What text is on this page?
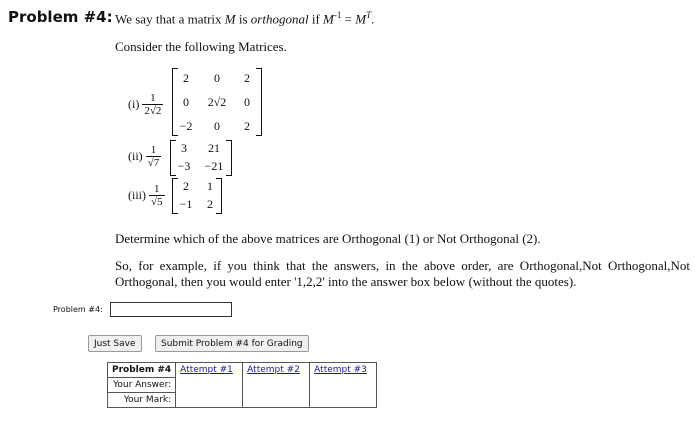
Problem #4: We say that a matrix M is orthogonal if $M^{-1} = M^T$.
Consider the following Matrices.
$(i) \frac{1}{2√2}$
2	0	2
0	2√2	0
−2	0	2
$(ii) \frac{1}{√7}$	3	21
−3	−21
$(iii) \frac{1}{√5}$	2	1
−1	2
Determine which of the above matrices are Orthogonal (1) or Not Orthogonal (2).
So, for example, if you think that the answers, in the above order, are Orthogonal,Not Orthogonal,Not Orthogonal, then you would enter '1,2,2' into the answer box below (without the quotes).
Problem #4:
Just Save	Submit Problem #4 for Grading
Problem #4	Attempt #1	Attempt #2	Attempt #3
Your Answer:
Your Mark:
